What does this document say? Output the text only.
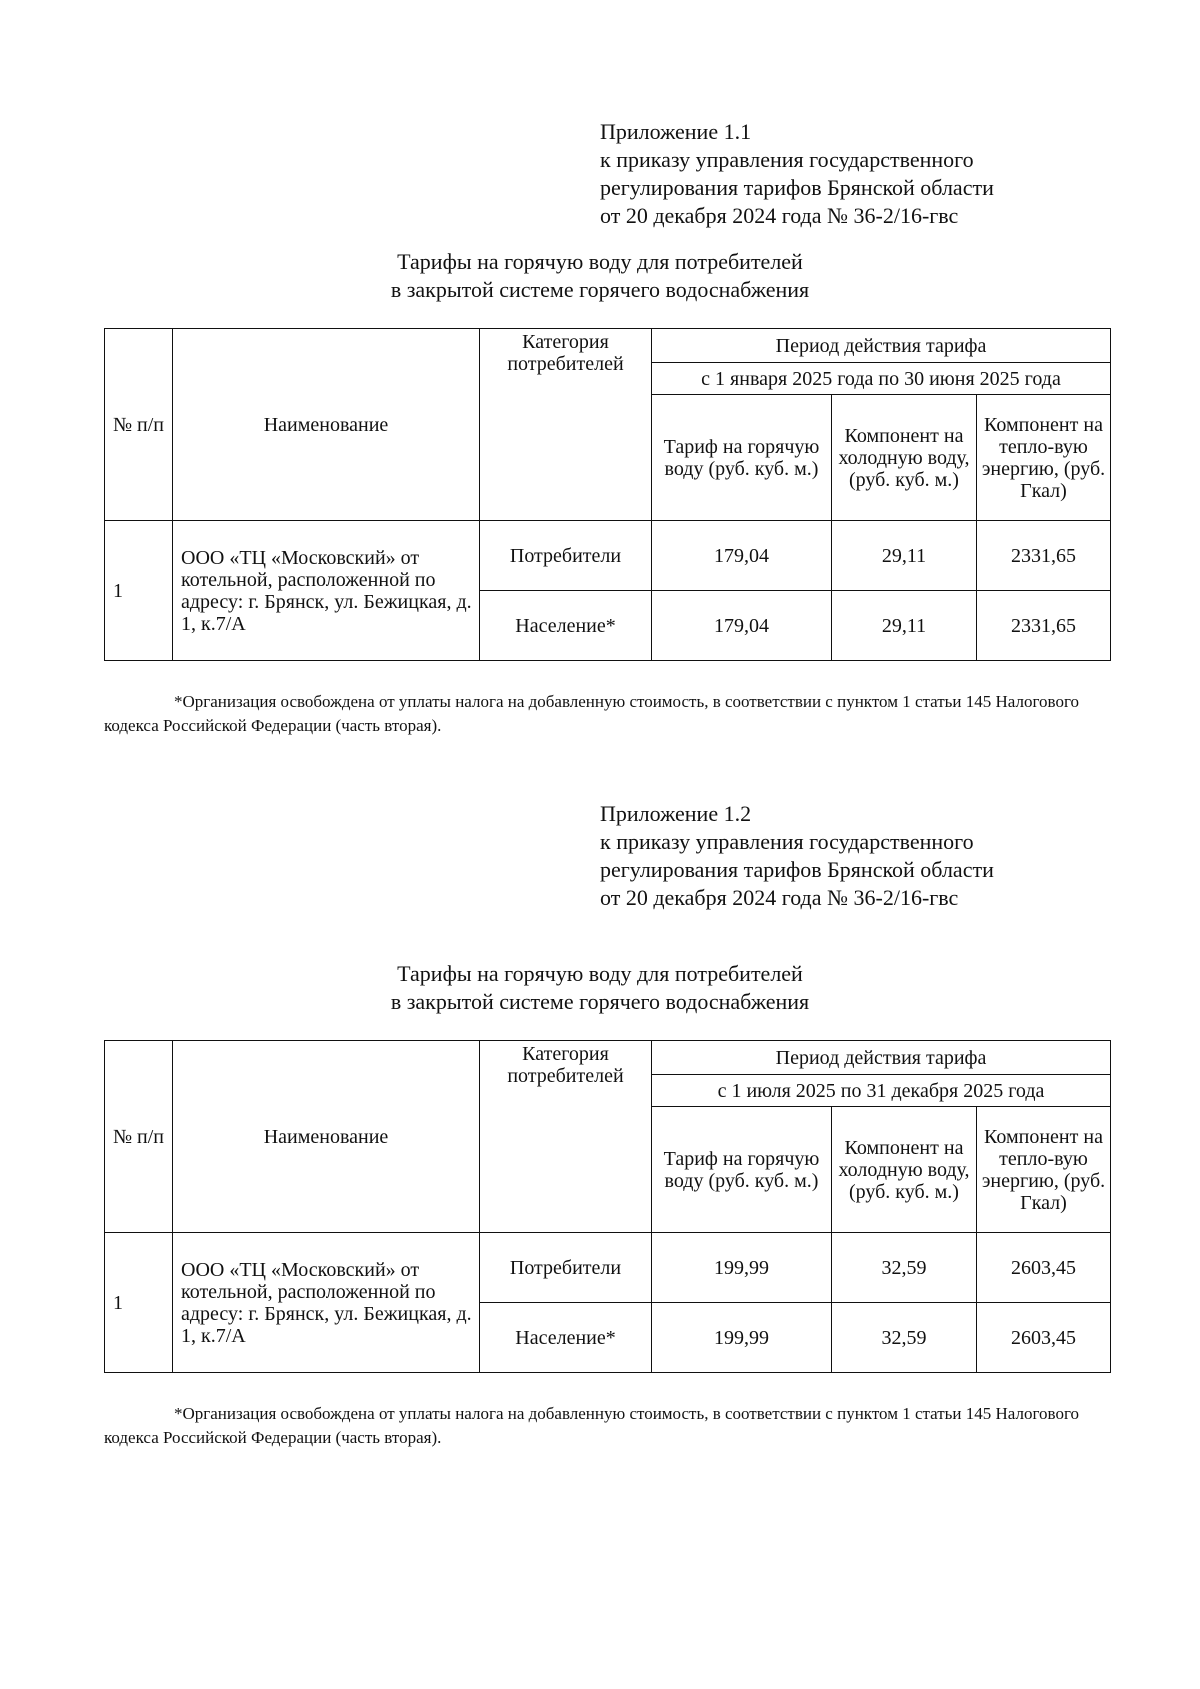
Приложение 1.1
к приказу управления государственного
регулирования тарифов Брянской области
от 20 декабря 2024 года № 36-2/16-гвс
Тарифы на горячую воду для потребителей
в закрытой системе горячего водоснабжения
№ п/п	Наименование	Категория потребителей	Период действия тарифа		
			с 1 января 2025 года по 30 июня 2025 года		
			Тариф на горячую воду (руб. куб. м.)	Компонент на холодную воду, (руб. куб. м.)	Компонент на тепло-вую энергию, (руб. Гкал)
1	ООО «ТЦ «Московский» от котельной, расположенной по адресу: г. Брянск, ул. Бежицкая, д. 1, к.7/А	Потребители	179,04	29,11	2331,65
		Население*	179,04	29,11	2331,65
*Организация освобождена от уплаты налога на добавленную стоимость, в соответствии с пунктом 1 статьи 145 Налогового кодекса Российской Федерации (часть вторая).
Приложение 1.2
к приказу управления государственного
регулирования тарифов Брянской области
от 20 декабря 2024 года № 36-2/16-гвс
Тарифы на горячую воду для потребителей
в закрытой системе горячего водоснабжения
№ п/п	Наименование	Категория потребителей	Период действия тарифа		
			с 1 июля 2025 по 31 декабря 2025 года		
			Тариф на горячую воду (руб. куб. м.)	Компонент на холодную воду, (руб. куб. м.)	Компонент на тепло-вую энергию, (руб. Гкал)
1	ООО «ТЦ «Московский» от котельной, расположенной по адресу: г. Брянск, ул. Бежицкая, д. 1, к.7/А	Потребители	199,99	32,59	2603,45
		Население*	199,99	32,59	2603,45
*Организация освобождена от уплаты налога на добавленную стоимость, в соответствии с пунктом 1 статьи 145 Налогового кодекса Российской Федерации (часть вторая).
